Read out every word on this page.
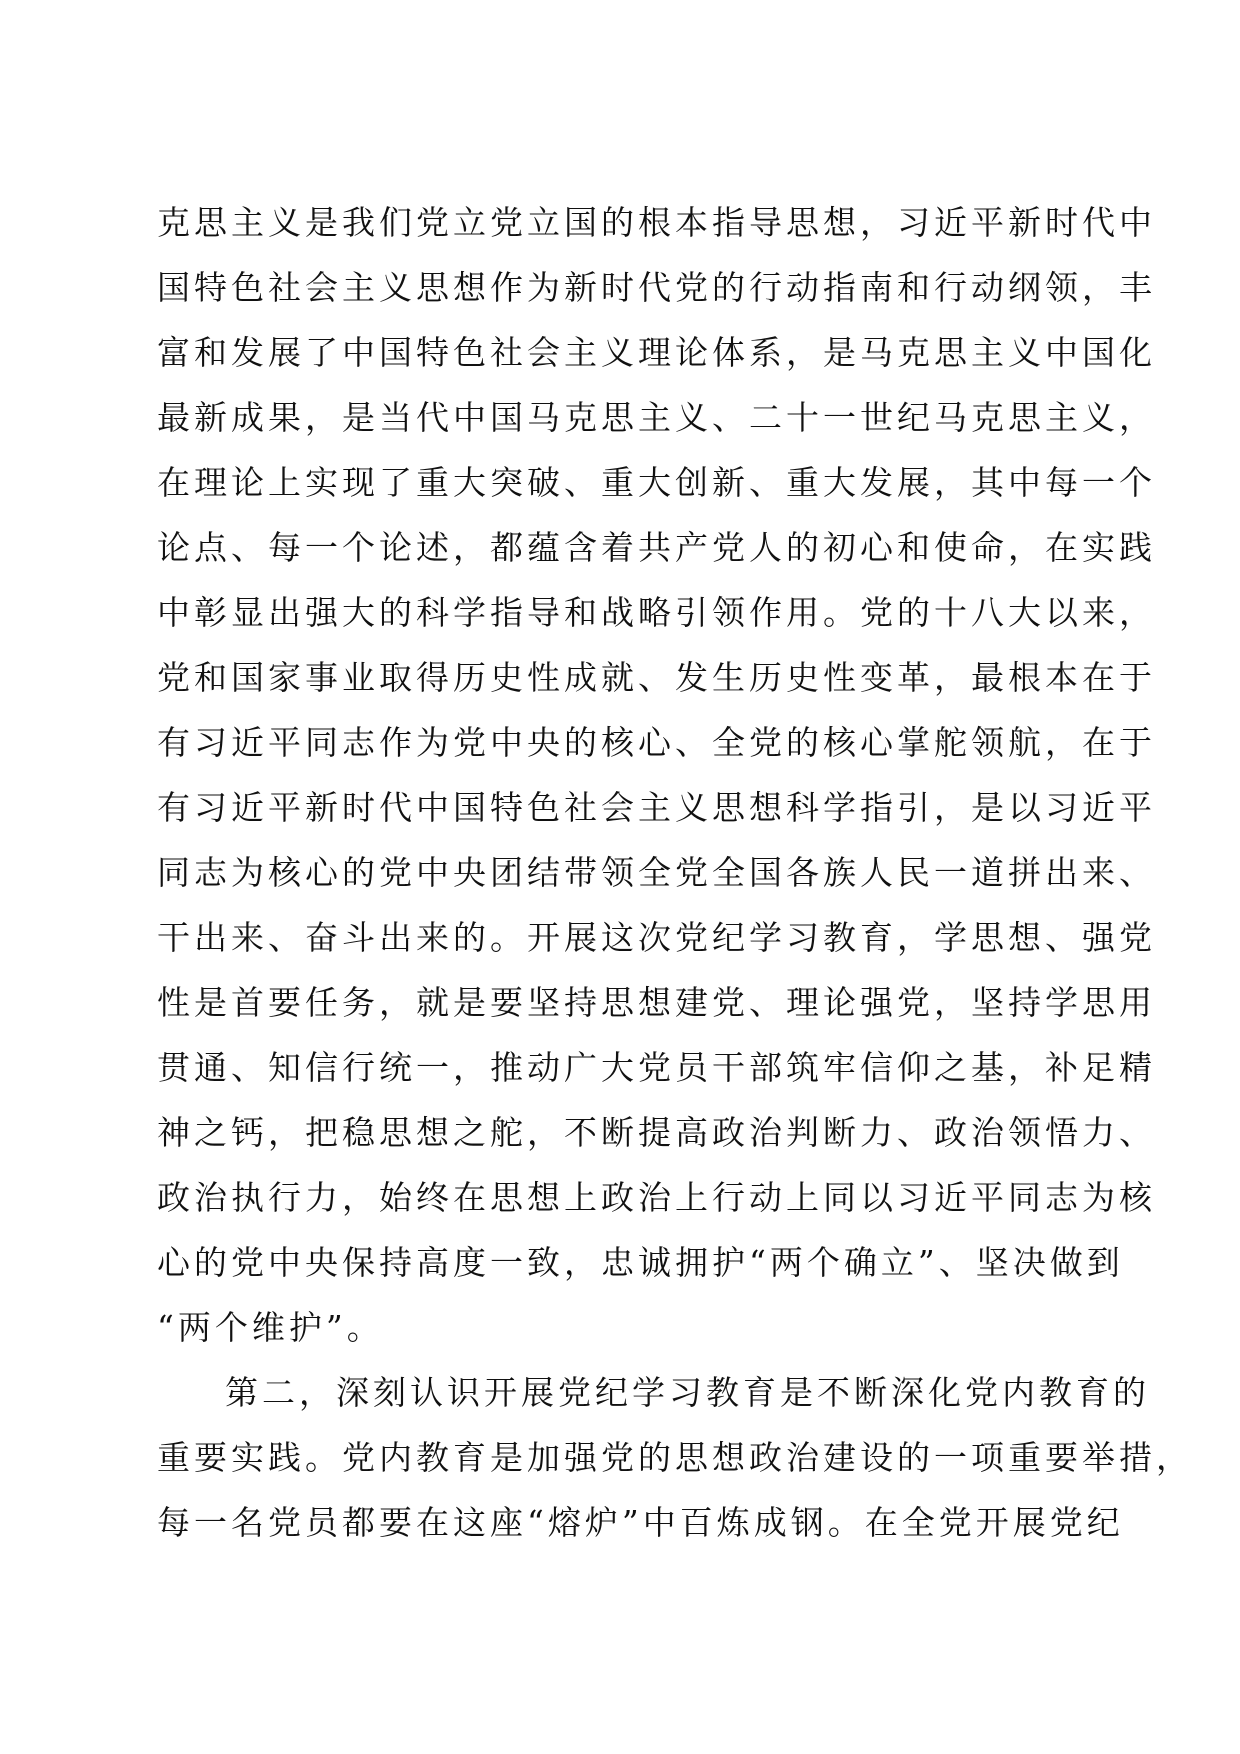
克思主义是我们党立党立国的根本指导思想，习近平新时代中

国特色社会主义思想作为新时代党的行动指南和行动纲领，丰

富和发展了中国特色社会主义理论体系，是马克思主义中国化

最新成果，是当代中国马克思主义、二十一世纪马克思主义，

在理论上实现了重大突破、重大创新、重大发展，其中每一个

论点、每一个论述，都蕴含着共产党人的初心和使命，在实践

中彰显出强大的科学指导和战略引领作用。党的十八大以来，

党和国家事业取得历史性成就、发生历史性变革，最根本在于

有习近平同志作为党中央的核心、全党的核心掌舵领航，在于

有习近平新时代中国特色社会主义思想科学指引，是以习近平

同志为核心的党中央团结带领全党全国各族人民一道拼出来、

干出来、奋斗出来的。开展这次党纪学习教育，学思想、强党

性是首要任务，就是要坚持思想建党、理论强党，坚持学思用

贯通、知信行统一，推动广大党员干部筑牢信仰之基，补足精

神之钙，把稳思想之舵，不断提高政治判断力、政治领悟力、

政治执行力，始终在思想上政治上行动上同以习近平同志为核

心的党中央保持高度一致，忠诚拥护“两个确立”、坚决做到

“两个维护”。

第二，深刻认识开展党纪学习教育是不断深化党内教育的

重要实践。党内教育是加强党的思想政治建设的一项重要举措，

每一名党员都要在这座“熔炉”中百炼成钢。在全党开展党纪
